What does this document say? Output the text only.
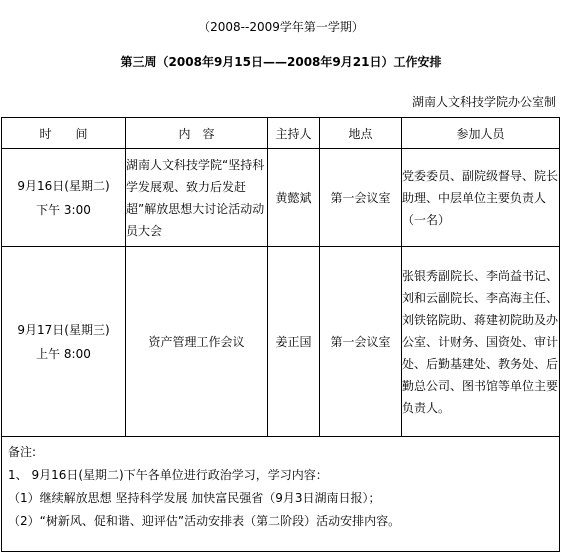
（2008--2009学年第一学期）
第三周（2008年9月15日——2008年9月21日）工作安排
湖南人文科技学院办公室制
时　　间	内　容	主持人	地点	参加人员

9月16日(星期二)
下午 3:00	湖南人文科技学院“坚持科学发展观、致力后发赶超”解放思想大讨论活动动员大会	黄懿斌	第一会议室	党委委员、副院级督导、院长助理、中层单位主要负责人（一名）

9月17日(星期三)
上午 8:00	资产管理工作会议	姜正国	第一会议室	张银秀副院长、李尚益书记、刘和云副院长、李高海主任、刘铁铭院助、蒋建初院助及办公室、计财务、国资处、审计处、后勤基建处、教务处、后勤总公司、图书馆等单位主要负责人。

备注:
1、 9月16日(星期二)下午各单位进行政治学习，学习内容：
（1）继续解放思想 坚持科学发展 加快富民强省（9月3日湖南日报）；
（2）“树新风、促和谐、迎评估”活动安排表（第二阶段）活动安排内容。				
